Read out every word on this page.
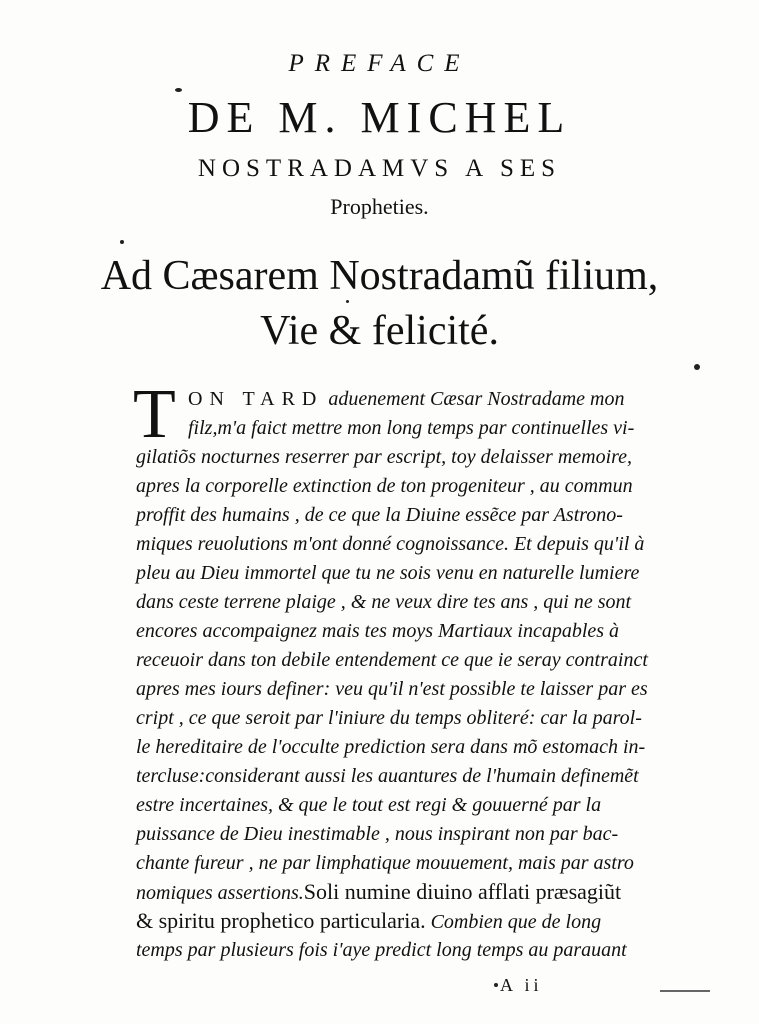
PREFACE
DE M. MICHEL
NOSTRADAMVS A SES
Propheties.
Ad Cæsarem Nostradamũ filium,
Vie & felicité.
T ON TARD aduenement Cæsar Nostradame mon
filz,m'a faict mettre mon long temps par continuelles vi-
gilatiõs nocturnes reserrer par escript, toy delaisser memoire,
apres la corporelle extinction de ton progeniteur , au commun
proffit des humains , de ce que la Diuine essẽce par Astrono-
miques reuolutions m'ont donné cognoissance. Et depuis qu'il à
pleu au Dieu immortel que tu ne sois venu en naturelle lumiere
dans ceste terrene plaige , & ne veux dire tes ans , qui ne sont
encores accompaignez mais tes moys Martiaux incapables à
receuoir dans ton debile entendement ce que ie seray contrainct
apres mes iours definer: veu qu'il n'est possible te laisser par es
cript , ce que seroit par l'iniure du temps obliteré: car la parol-
le hereditaire de l'occulte prediction sera dans mõ estomach in-
tercluse:considerant aussi les auantures de l'humain definemẽt
estre incertaines, & que le tout est regi & gouuerné par la
puissance de Dieu inestimable , nous inspirant non par bac-
chante fureur , ne par limphatique mouuement, mais par astro
nomiques assertions.Soli numine diuino afflati præsagiũt
& spiritu prophetico particularia. Combien que de long
temps par plusieurs fois i'aye predict long temps au parauant
A ii
